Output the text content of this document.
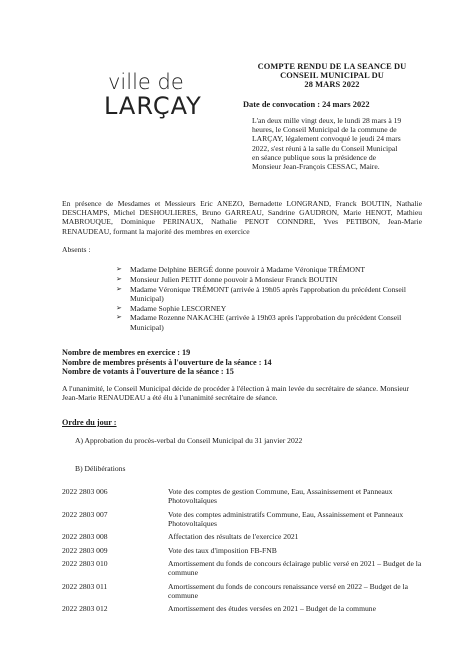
ville de
LARÇAY
COMPTE RENDU DE LA SEANCE DU
CONSEIL MUNICIPAL DU
28 MARS 2022
Date de convocation : 24 mars 2022
L'an deux mille vingt deux, le lundi 28 mars à 19 heures, le Conseil Municipal de la commune de LARÇAY, légalement convoqué le jeudi 24 mars 2022, s'est réuni à la salle du Conseil Municipal en séance publique sous la présidence de Monsieur Jean-François CESSAC, Maire.
En présence de Mesdames et Messieurs Eric ANEZO, Bernadette LONGRAND, Franck BOUTIN, Nathalie DESCHAMPS, Michel DESHOULIERES, Bruno GARREAU, Sandrine GAUDRON, Marie HENOT, Mathieu MABROUQUE, Dominique PERINAUX, Nathalie PENOT CONNDRE, Yves PETIBON, Jean-Marie RENAUDEAU, formant la majorité des membres en exercice
Absents :
➢ Madame Delphine BERGÉ donne pouvoir à Madame Véronique TRÉMONT
➢ Monsieur Julien PETIT donne pouvoir à Monsieur Franck BOUTIN
➢ Madame Véronique TRÉMONT (arrivée à 19h05 après l'approbation du précédent Conseil Municipal)
➢ Madame Sophie LESCORNEY
➢ Madame Rozenne NAKACHE (arrivée à 19h03 après l'approbation du précédent Conseil Municipal)
Nombre de membres en exercice : 19
Nombre de membres présents à l'ouverture de la séance : 14
Nombre de votants à l'ouverture de la séance : 15
A l'unanimité, le Conseil Municipal décide de procéder à l'élection à main levée du secrétaire de séance. Monsieur Jean-Marie RENAUDEAU a été élu à l'unanimité secrétaire de séance.
Ordre du jour :
A) Approbation du procès-verbal du Conseil Municipal du 31 janvier 2022
B) Délibérations
2022 2803 006	Vote des comptes de gestion Commune, Eau, Assainissement et Panneaux Photovoltaïques
2022 2803 007	Vote des comptes administratifs Commune, Eau, Assainissement et Panneaux Photovoltaïques
2022 2803 008	Affectation des résultats de l'exercice 2021
2022 2803 009	Vote des taux d'imposition FB-FNB
2022 2803 010	Amortissement du fonds de concours éclairage public versé en 2021 – Budget de la commune
2022 2803 011	Amortissement du fonds de concours renaissance versé en 2022 – Budget de la commune
2022 2803 012	Amortissement des études versées en 2021 – Budget de la commune
